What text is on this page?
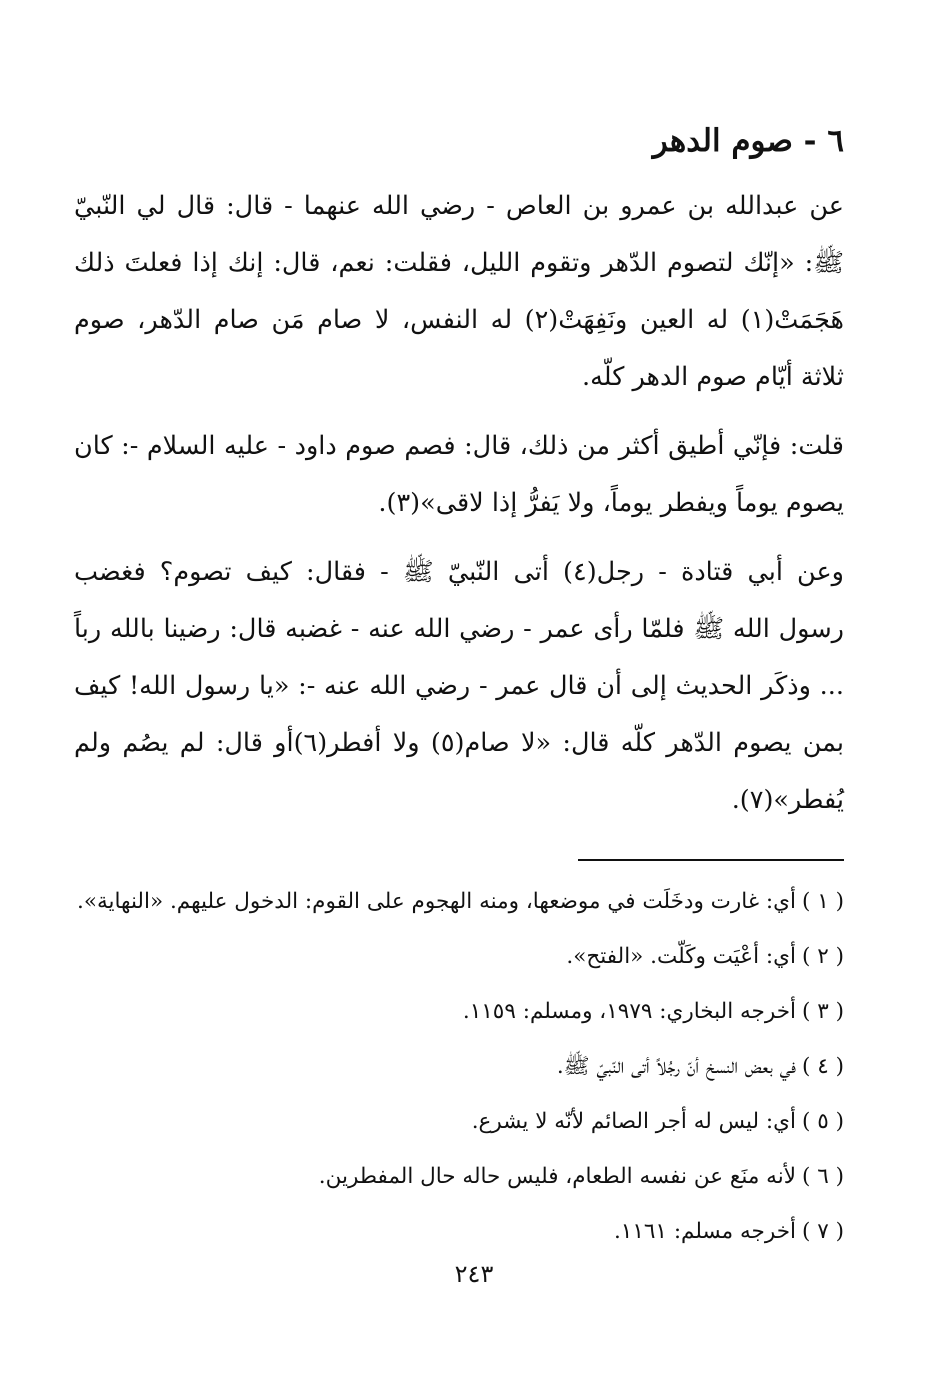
٦ - صوم الدهر

عن عبدالله بن عمرو بن العاص - رضي الله عنهما - قال: قال لي النّبيّ ﷺ: «إنّك لتصوم الدّهر وتقوم الليل، فقلت: نعم، قال: إنك إذا فعلتَ ذلك هَجَمَتْ(١) له العين ونَفِهَتْ(٢) له النفس، لا صام مَن صام الدّهر، صوم ثلاثة أيّام صوم الدهر كلّه.

قلت: فإنّي أطيق أكثر من ذلك، قال: فصم صوم داود - عليه السلام -: كان يصوم يوماً ويفطر يوماً، ولا يَفرُّ إذا لاقى»(٣).

وعن أبي قتادة - رجل(٤) أتى النّبيّ ﷺ - فقال: كيف تصوم؟ فغضب رسول الله ﷺ فلمّا رأى عمر - رضي الله عنه - غضبه قال: رضينا بالله رباً ... وذكَر الحديث إلى أن قال عمر - رضي الله عنه -: «يا رسول الله! كيف بمن يصوم الدّهر كلّه قال: «لا صام(٥) ولا أفطر(٦)أو قال: لم يصُم ولم يُفطر»(٧).

( ١ )أي: غارت ودخَلَت في موضعها، ومنه الهجوم على القوم: الدخول عليهم. «النهاية».

( ٢ )أي: أعْيَت وكَلّت. «الفتح».

( ٣ )أخرجه البخاري: ١٩٧٩، ومسلم: ١١٥٩.

( ٤ )في بعض النسخ أنّ رجُلاً أتى النّبيّ ﷺ.

( ٥ )أي: ليس له أجر الصائم لأنّه لا يشرع.

( ٦ )لأنه منَع عن نفسه الطعام، فليس حاله حال المفطرين.

( ٧ )أخرجه مسلم: ١١٦١.

٢٤٣
